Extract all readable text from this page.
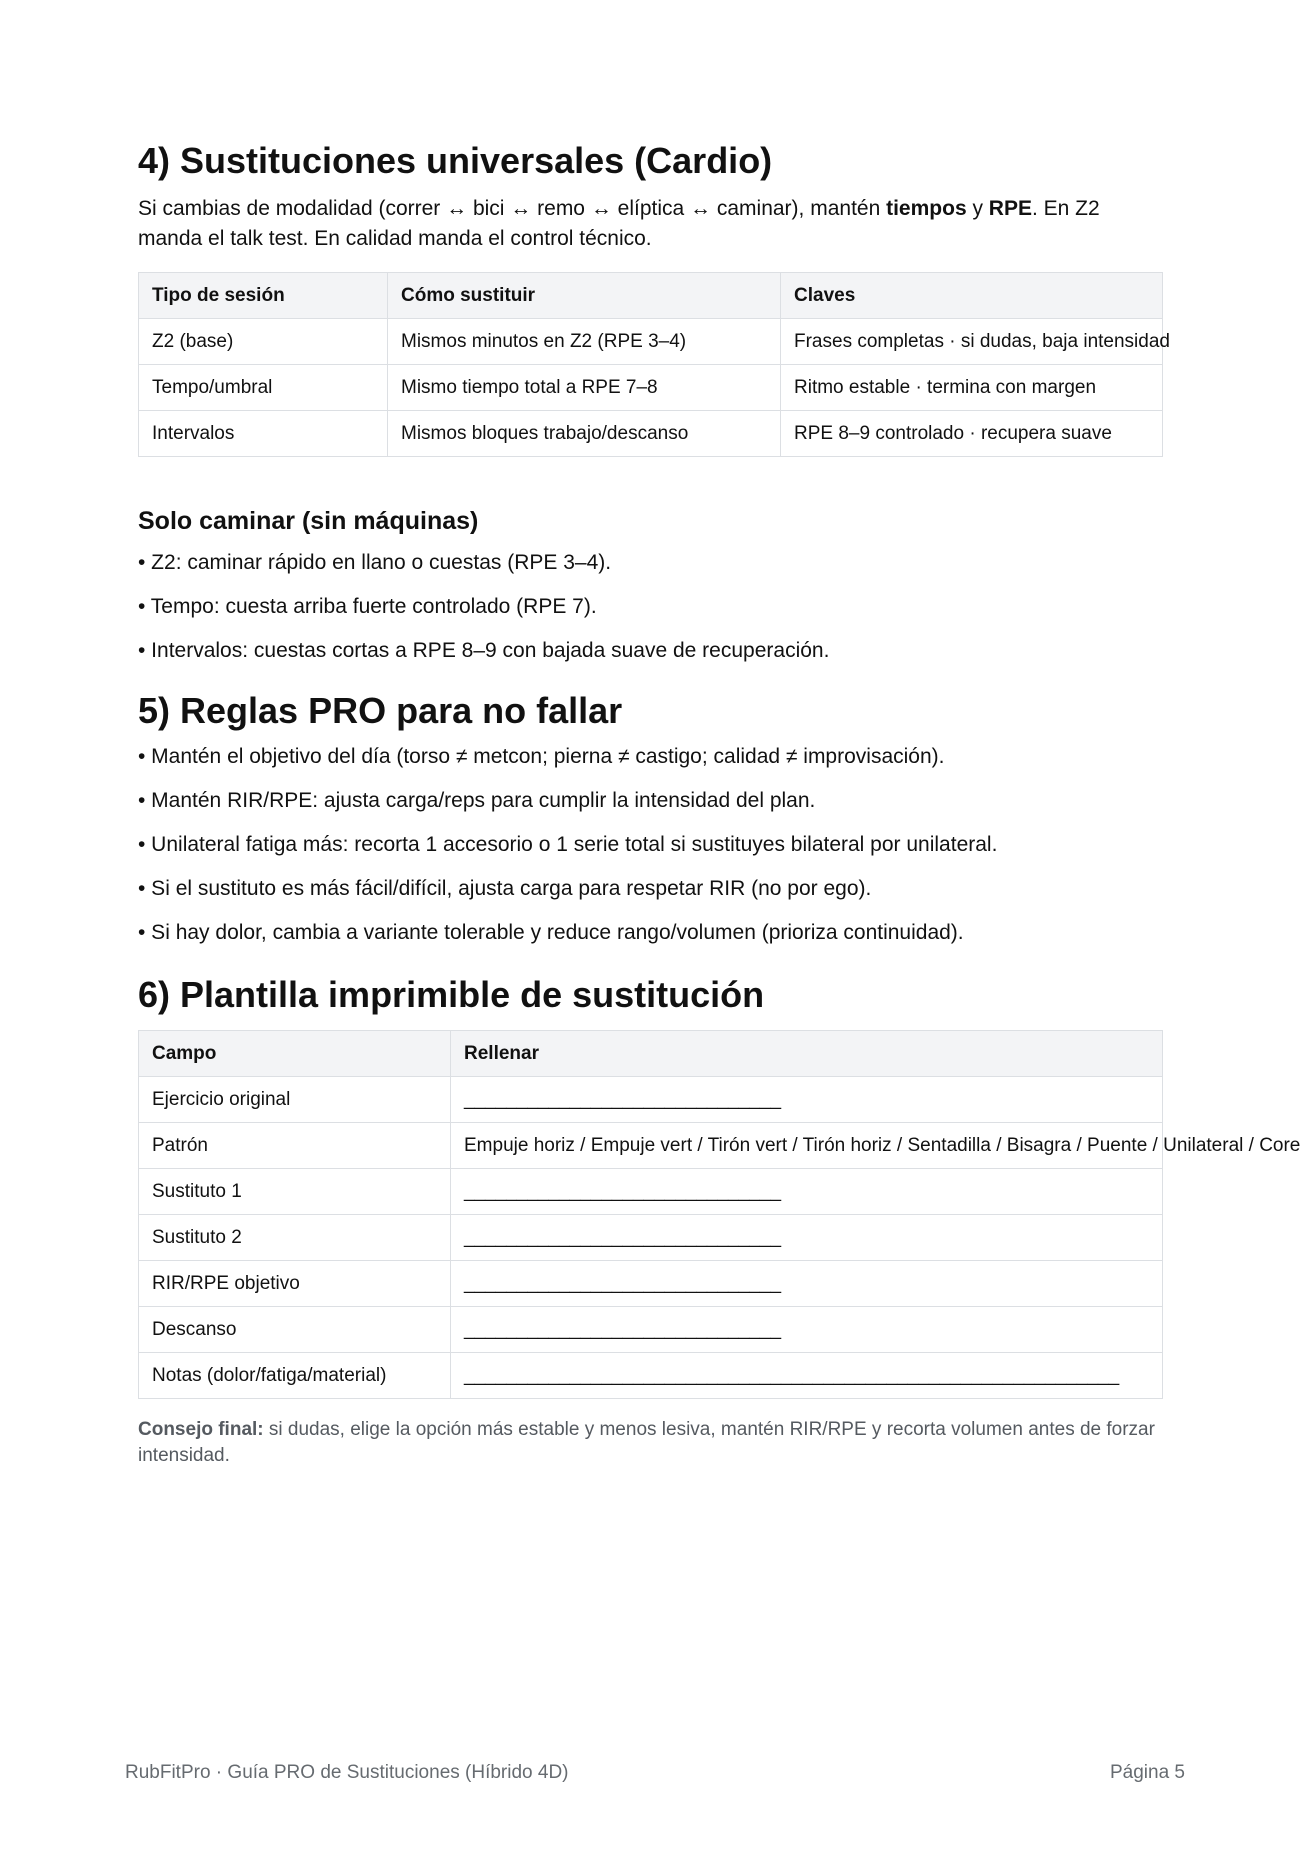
4) Sustituciones universales (Cardio)

Si cambias de modalidad (correr ↔ bici ↔ remo ↔ elíptica ↔ caminar), mantén tiempos y RPE. En Z2 manda el talk test. En calidad manda el control técnico.

Tipo de sesión	Cómo sustituir	Claves
Z2 (base)	Mismos minutos en Z2 (RPE 3–4)	Frases completas · si dudas, baja intensidad
Tempo/umbral	Mismo tiempo total a RPE 7–8	Ritmo estable · termina con margen
Intervalos	Mismos bloques trabajo/descanso	RPE 8–9 controlado · recupera suave
Solo caminar (sin máquinas)
• Z2: caminar rápido en llano o cuestas (RPE 3–4).
• Tempo: cuesta arriba fuerte controlado (RPE 7).
• Intervalos: cuestas cortas a RPE 8–9 con bajada suave de recuperación.
5) Reglas PRO para no fallar
• Mantén el objetivo del día (torso ≠ metcon; pierna ≠ castigo; calidad ≠ improvisación).
• Mantén RIR/RPE: ajusta carga/reps para cumplir la intensidad del plan.
• Unilateral fatiga más: recorta 1 accesorio o 1 serie total si sustituyes bilateral por unilateral.
• Si el sustituto es más fácil/difícil, ajusta carga para respetar RIR (no por ego).
• Si hay dolor, cambia a variante tolerable y reduce rango/volumen (prioriza continuidad).
6) Plantilla imprimible de sustitución
Campo	Rellenar
Ejercicio original	______________________________
Patrón	Empuje horiz / Empuje vert / Tirón vert / Tirón horiz / Sentadilla / Bisagra / Puente / Unilateral / Core
Sustituto 1	______________________________
Sustituto 2	______________________________
RIR/RPE objetivo	______________________________
Descanso	______________________________
Notas (dolor/fatiga/material)	______________________________________________________________

Consejo final: si dudas, elige la opción más estable y menos lesiva, mantén RIR/RPE y recorta volumen antes de forzar intensidad.

RubFitPro · Guía PRO de Sustituciones (Híbrido 4D)	Página 5
